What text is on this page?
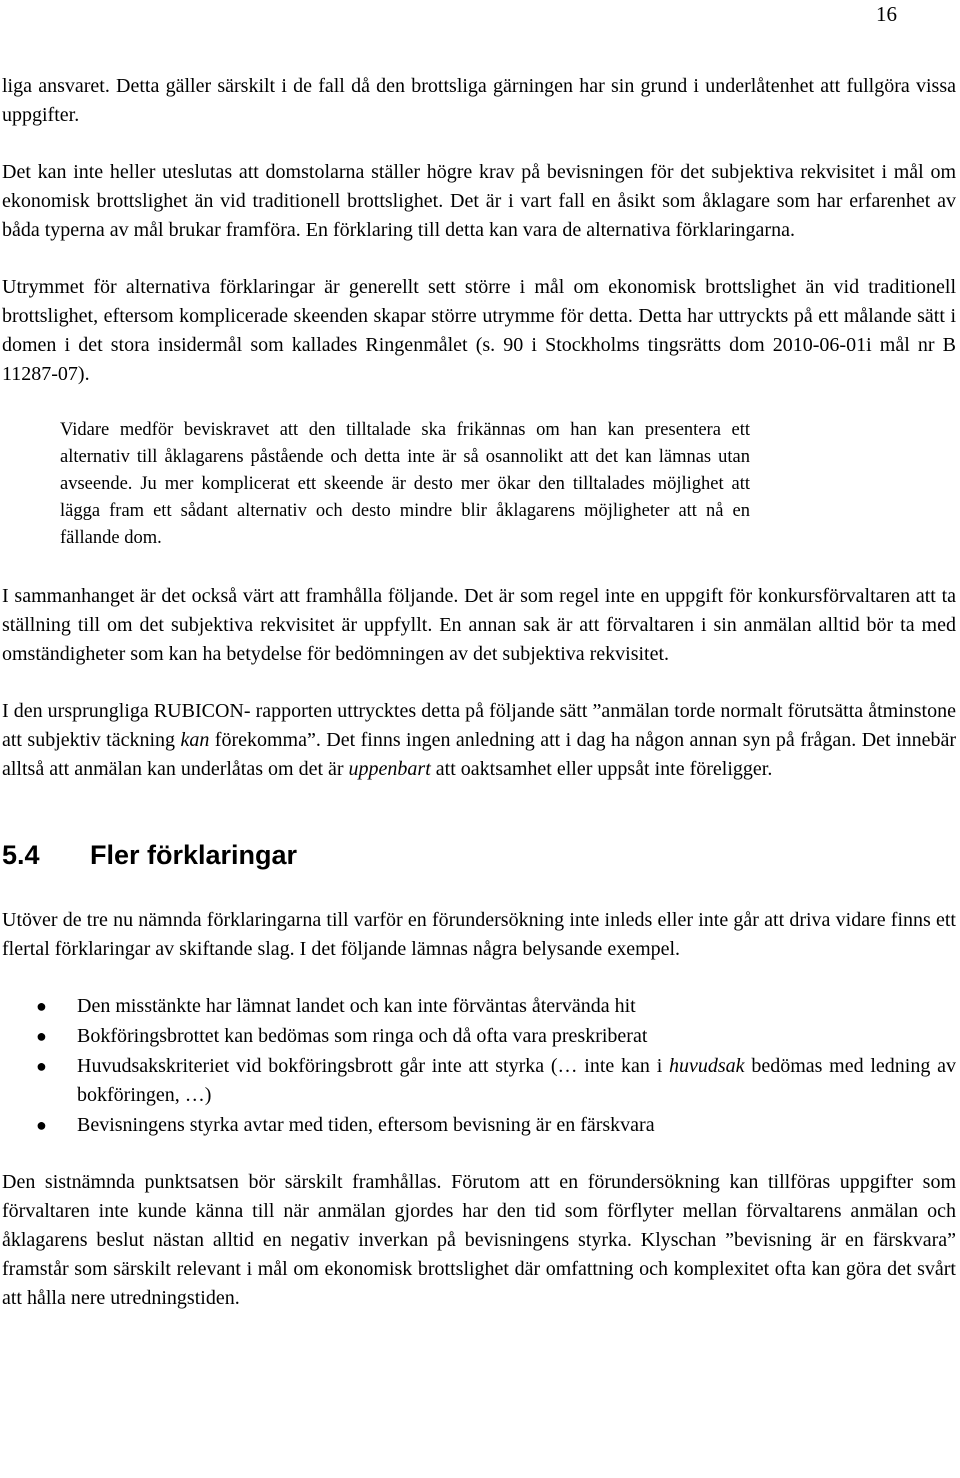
16

liga ansvaret. Detta gäller särskilt i de fall då den brottsliga gärningen har sin grund i underlåtenhet att fullgöra vissa uppgifter.

Det kan inte heller uteslutas att domstolarna ställer högre krav på bevisningen för det subjektiva rekvisitet i mål om ekonomisk brottslighet än vid traditionell brottslighet. Det är i vart fall en åsikt som åklagare som har erfarenhet av båda typerna av mål brukar framföra. En förklaring till detta kan vara de alternativa förklaringarna.

Utrymmet för alternativa förklaringar är generellt sett större i mål om ekonomisk brottslighet än vid traditionell brottslighet, eftersom komplicerade skeenden skapar större utrymme för detta. Detta har uttryckts på ett målande sätt i domen i det stora insidermål som kallades Ringenmålet (s. 90 i Stockholms tingsrätts dom 2010-06-01i mål nr B 11287-07).

Vidare medför beviskravet att den tilltalade ska frikännas om han kan presentera ett alternativ till åklagarens påstående och detta inte är så osannolikt att det kan lämnas utan avseende. Ju mer komplicerat ett skeende är desto mer ökar den tilltalades möjlighet att lägga fram ett sådant alternativ och desto mindre blir åklagarens möjligheter att nå en fällande dom.

I sammanhanget är det också värt att framhålla följande. Det är som regel inte en uppgift för konkursförvaltaren att ta ställning till om det subjektiva rekvisitet är uppfyllt. En annan sak är att förvaltaren i sin anmälan alltid bör ta med omständigheter som kan ha betydelse för bedömningen av det subjektiva rekvisitet.

I den ursprungliga RUBICON- rapporten uttrycktes detta på följande sätt ”anmälan torde normalt förutsätta åtminstone att subjektiv täckning kan förekomma”. Det finns ingen anledning att i dag ha någon annan syn på frågan. Det innebär alltså att anmälan kan underlåtas om det är uppenbart att oaktsamhet eller uppsåt inte föreligger.

5.4 Fler förklaringar

Utöver de tre nu nämnda förklaringarna till varför en förundersökning inte inleds eller inte går att driva vidare finns ett flertal förklaringar av skiftande slag. I det följande lämnas några belysande exempel.

● Den misstänkte har lämnat landet och kan inte förväntas återvända hit
● Bokföringsbrottet kan bedömas som ringa och då ofta vara preskriberat
● Huvudsakskriteriet vid bokföringsbrott går inte att styrka (… inte kan i huvudsak bedömas med ledning av bokföringen, …)
● Bevisningens styrka avtar med tiden, eftersom bevisning är en färskvara

Den sistnämnda punktsatsen bör särskilt framhållas. Förutom att en förundersökning kan tillföras uppgifter som förvaltaren inte kunde känna till när anmälan gjordes har den tid som förflyter mellan förvaltarens anmälan och åklagarens beslut nästan alltid en negativ inverkan på bevisningens styrka. Klyschan ”bevisning är en färskvara” framstår som särskilt relevant i mål om ekonomisk brottslighet där omfattning och komplexitet ofta kan göra det svårt att hålla nere utredningstiden.
